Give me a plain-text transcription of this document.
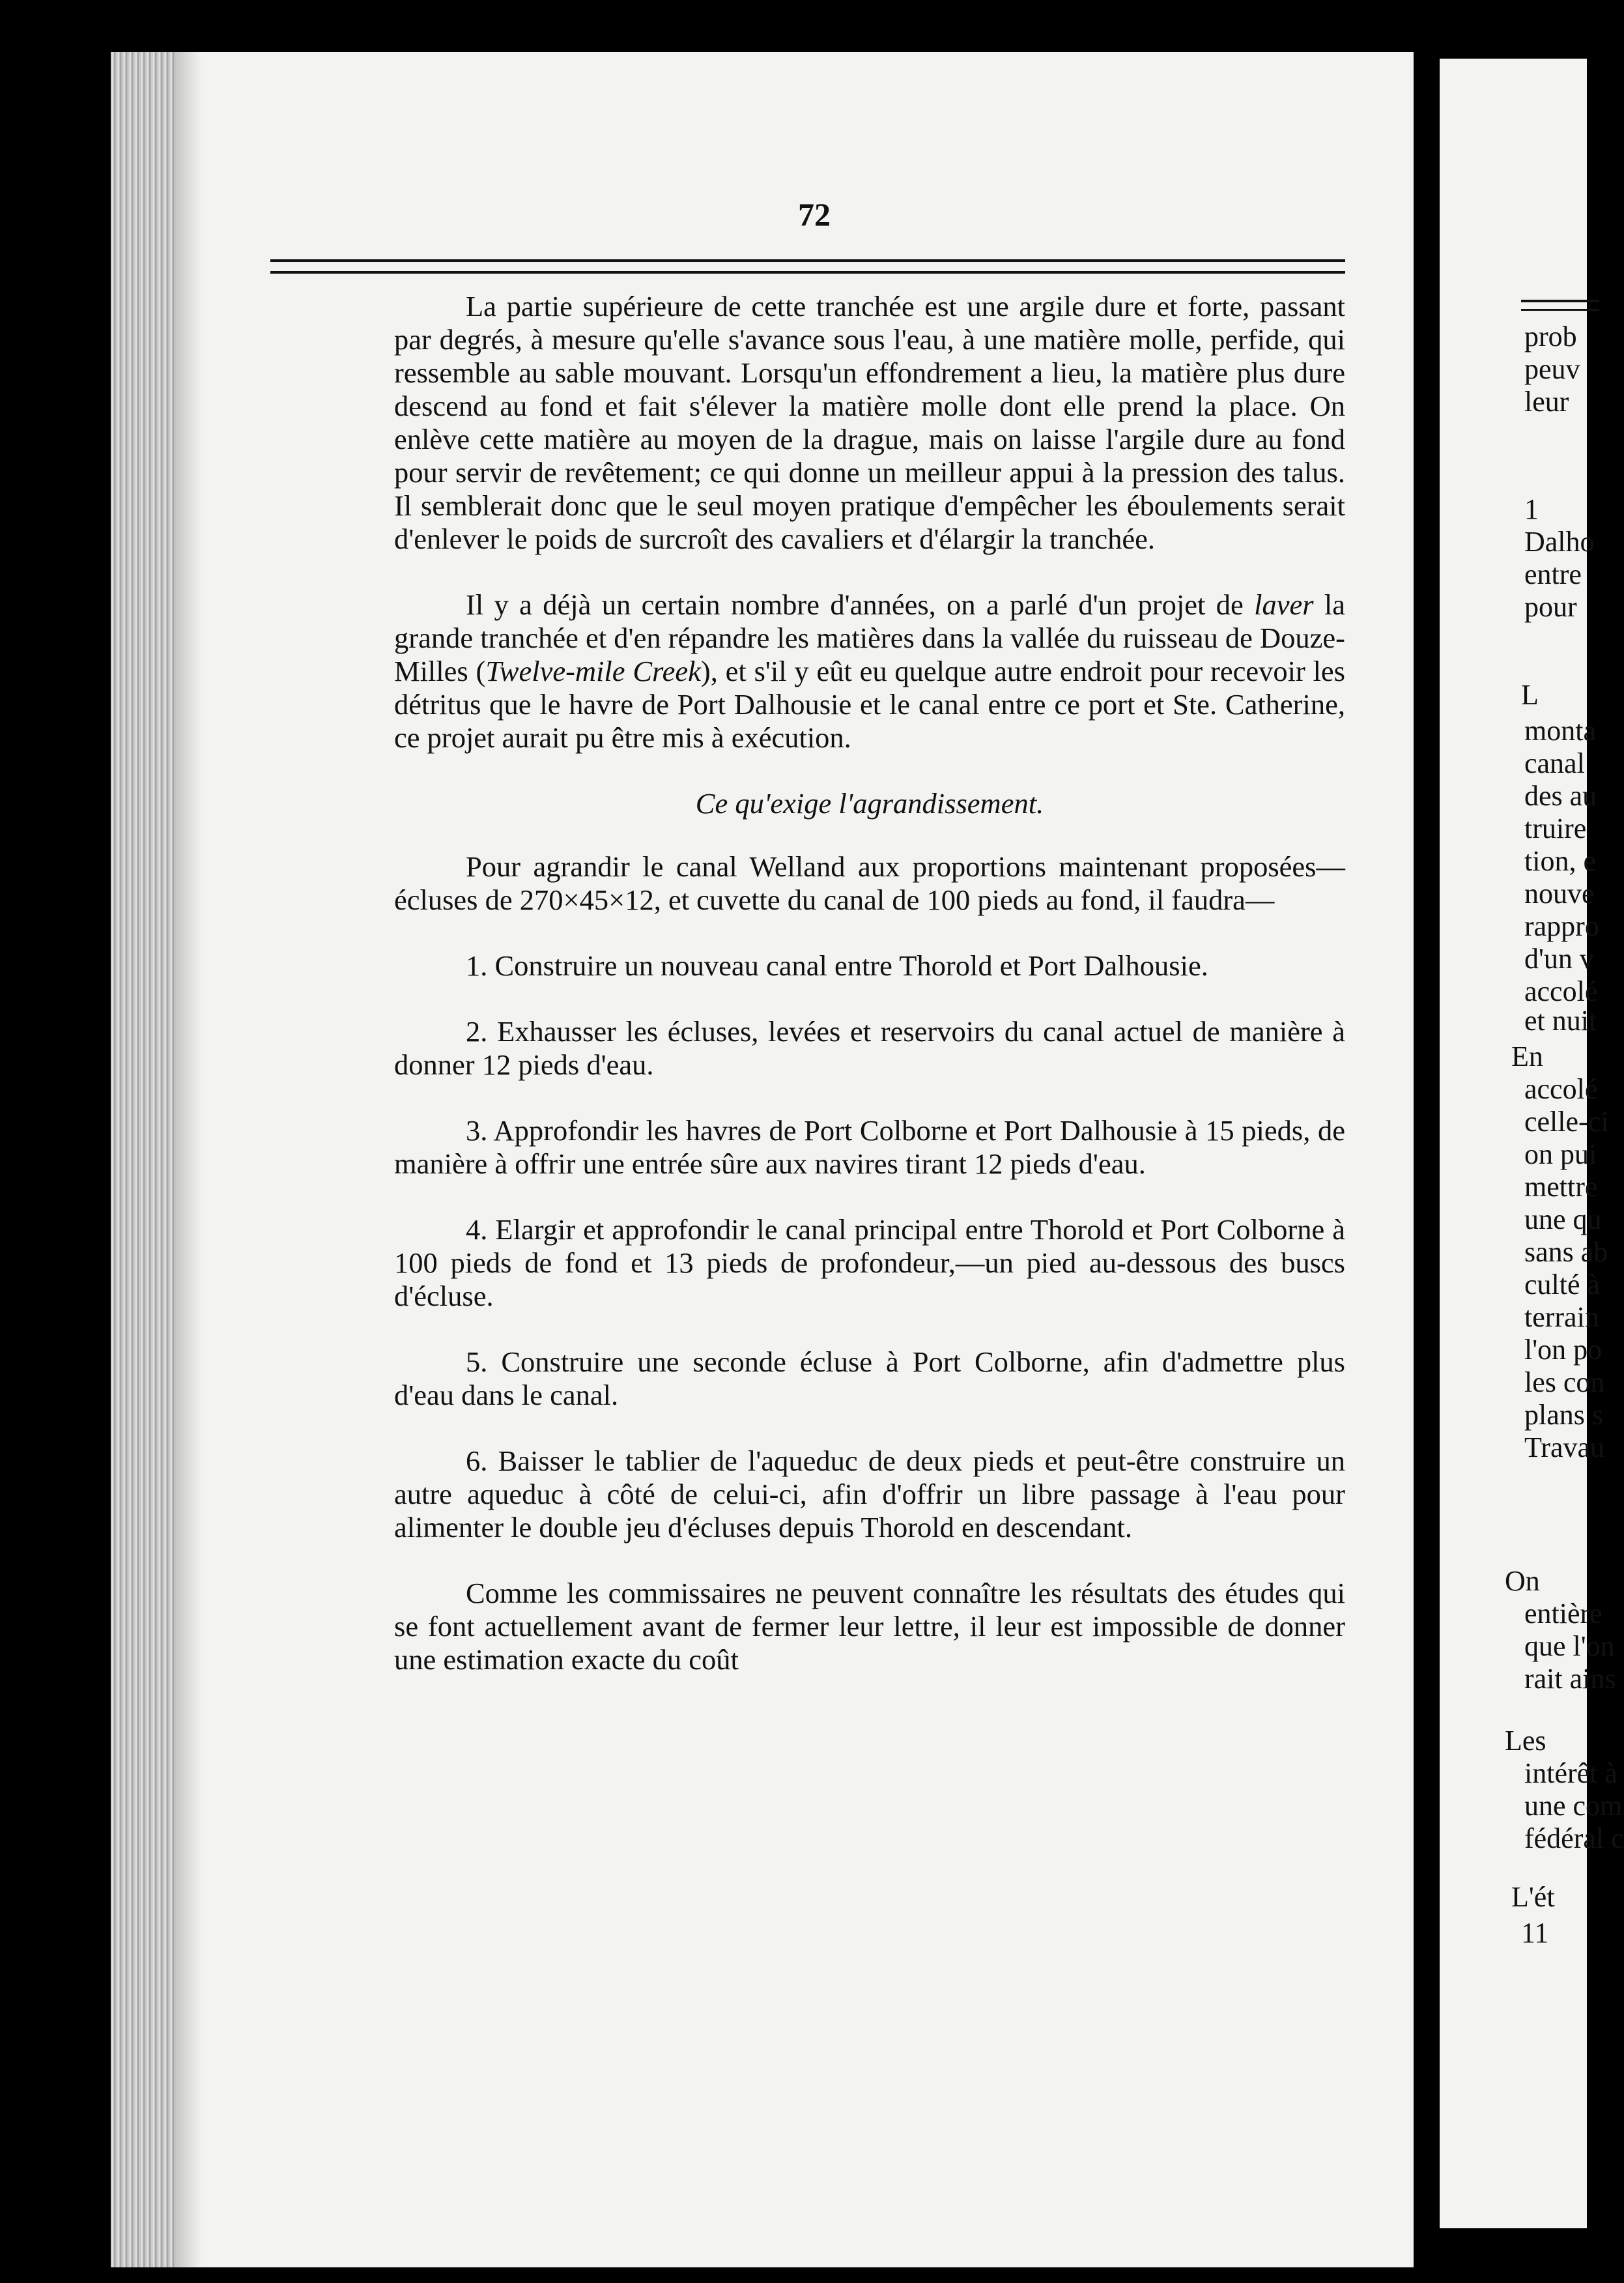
72

La partie supérieure de cette tranchée est une argile dure et forte, passant par degrés, à mesure qu'elle s'avance sous l'eau, à une matière molle, perfide, qui ressemble au sable mouvant. Lorsqu'un effondrement a lieu, la matière plus dure descend au fond et fait s'élever la matière molle dont elle prend la place. On enlève cette matière au moyen de la drague, mais on laisse l'argile dure au fond pour servir de revêtement; ce qui donne un meilleur appui à la pression des talus. Il semblerait donc que le seul moyen pratique d'empêcher les éboulements serait d'enlever le poids de surcroît des cavaliers et d'élargir la tranchée.

Il y a déjà un certain nombre d'années, on a parlé d'un projet de laver la grande tranchée et d'en répandre les matières dans la vallée du ruisseau de Douze-Milles (Twelve-mile Creek), et s'il y eût eu quelque autre endroit pour recevoir les détritus que le havre de Port Dalhousie et le canal entre ce port et Ste. Catherine, ce projet aurait pu être mis à exécution.

Ce qu'exige l'agrandissement.

Pour agrandir le canal Welland aux proportions maintenant proposées—écluses de 270×45×12, et cuvette du canal de 100 pieds au fond, il faudra—

1. Construire un nouveau canal entre Thorold et Port Dalhousie.

2. Exhausser les écluses, levées et reservoirs du canal actuel de manière à donner 12 pieds d'eau.

3. Approfondir les havres de Port Colborne et Port Dalhousie à 15 pieds, de manière à offrir une entrée sûre aux navires tirant 12 pieds d'eau.

4. Elargir et approfondir le canal principal entre Thorold et Port Colborne à 100 pieds de fond et 13 pieds de profondeur,—un pied au-dessous des buscs d'écluse.

5. Construire une seconde écluse à Port Colborne, afin d'admettre plus d'eau dans le canal.

6. Baisser le tablier de l'aqueduc de deux pieds et peut-être construire un autre aqueduc à côté de celui-ci, afin d'offrir un libre passage à l'eau pour alimenter le double jeu d'écluses depuis Thorold en descendant.

Comme les commissaires ne peuvent connaître les résultats des études qui se font actuellement avant de fermer leur lettre, il leur est impossible de donner une estimation exacte du coût

prob
peuv
leur
1
Dalho
entre
pour
L
monta
canal
des au
truire
tion, e
nouve
rappro
d'un v
accolé
et nuit
En
accolé
celle-ci
on pui
mettre
une qu
sans ab
culté à
terrain
l'on po
les con
plans s
Travau
On
entière
que l'on
rait ains
Les
intérêt à
une com
fédéral c
L'ét
11
